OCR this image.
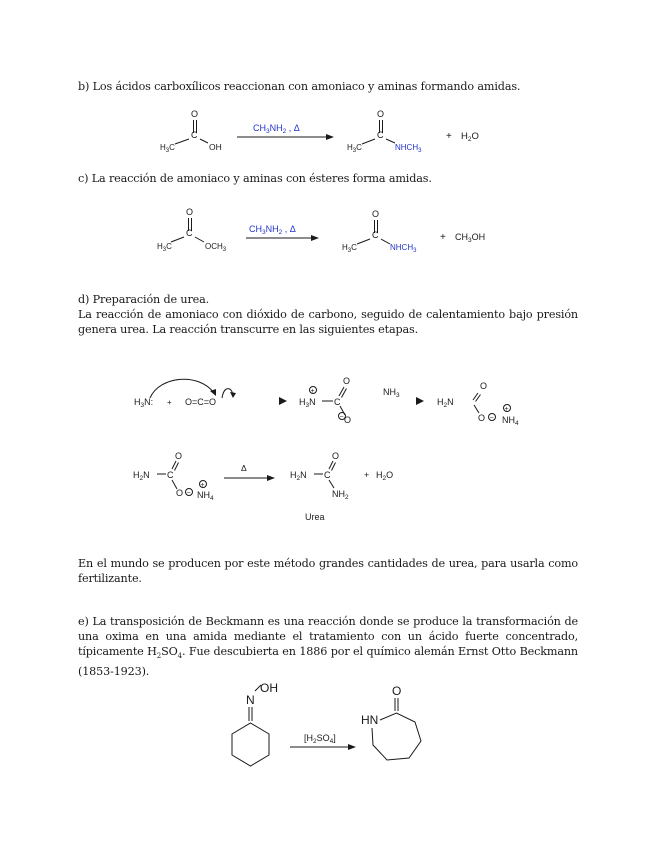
b) Los ácidos carboxílicos reaccionan con amoniaco y aminas formando amidas.
O
C
$H_3C$	OH
$CH_3NH_2$ , Δ
O
C
$H_3C$	$NHCH_3$
+ $H_2O$
c) La reacción de amoniaco y aminas con ésteres forma amidas.
O
C
$H_3C$	$OCH_3$
$CH_3NH_2$ , Δ
O
C
$H_3C$	$NHCH_3$
+ $CH_3OH$
d) Preparación de urea.
La reacción de amoniaco con dióxido de carbono, seguido de calentamiento bajo presión genera urea. La reacción transcurre en las siguientes etapas.
$H_3N$: + O=C=O
+
$H_3N$ C
O
O
−
$NH_3$
$H_2N$
O
O −
+
$NH_4$
$H_2N$ C
O
O −
+
$NH_4$
Δ
$H_2N$ C
O
$NH_2$
+ $H_2O$
Urea
En el mundo se producen por este método grandes cantidades de urea, para usarla como fertilizante.
e) La transposición de Beckmann es una reacción donde se produce la transformación de una oxima en una amida mediante el tratamiento con un ácido fuerte concentrado, típicamente $H_2SO_4$. Fue descubierta en 1886 por el químico alemán Ernst Otto Beckmann (1853-1923).
OH
N
$[H_2SO_4]$
O
HN
